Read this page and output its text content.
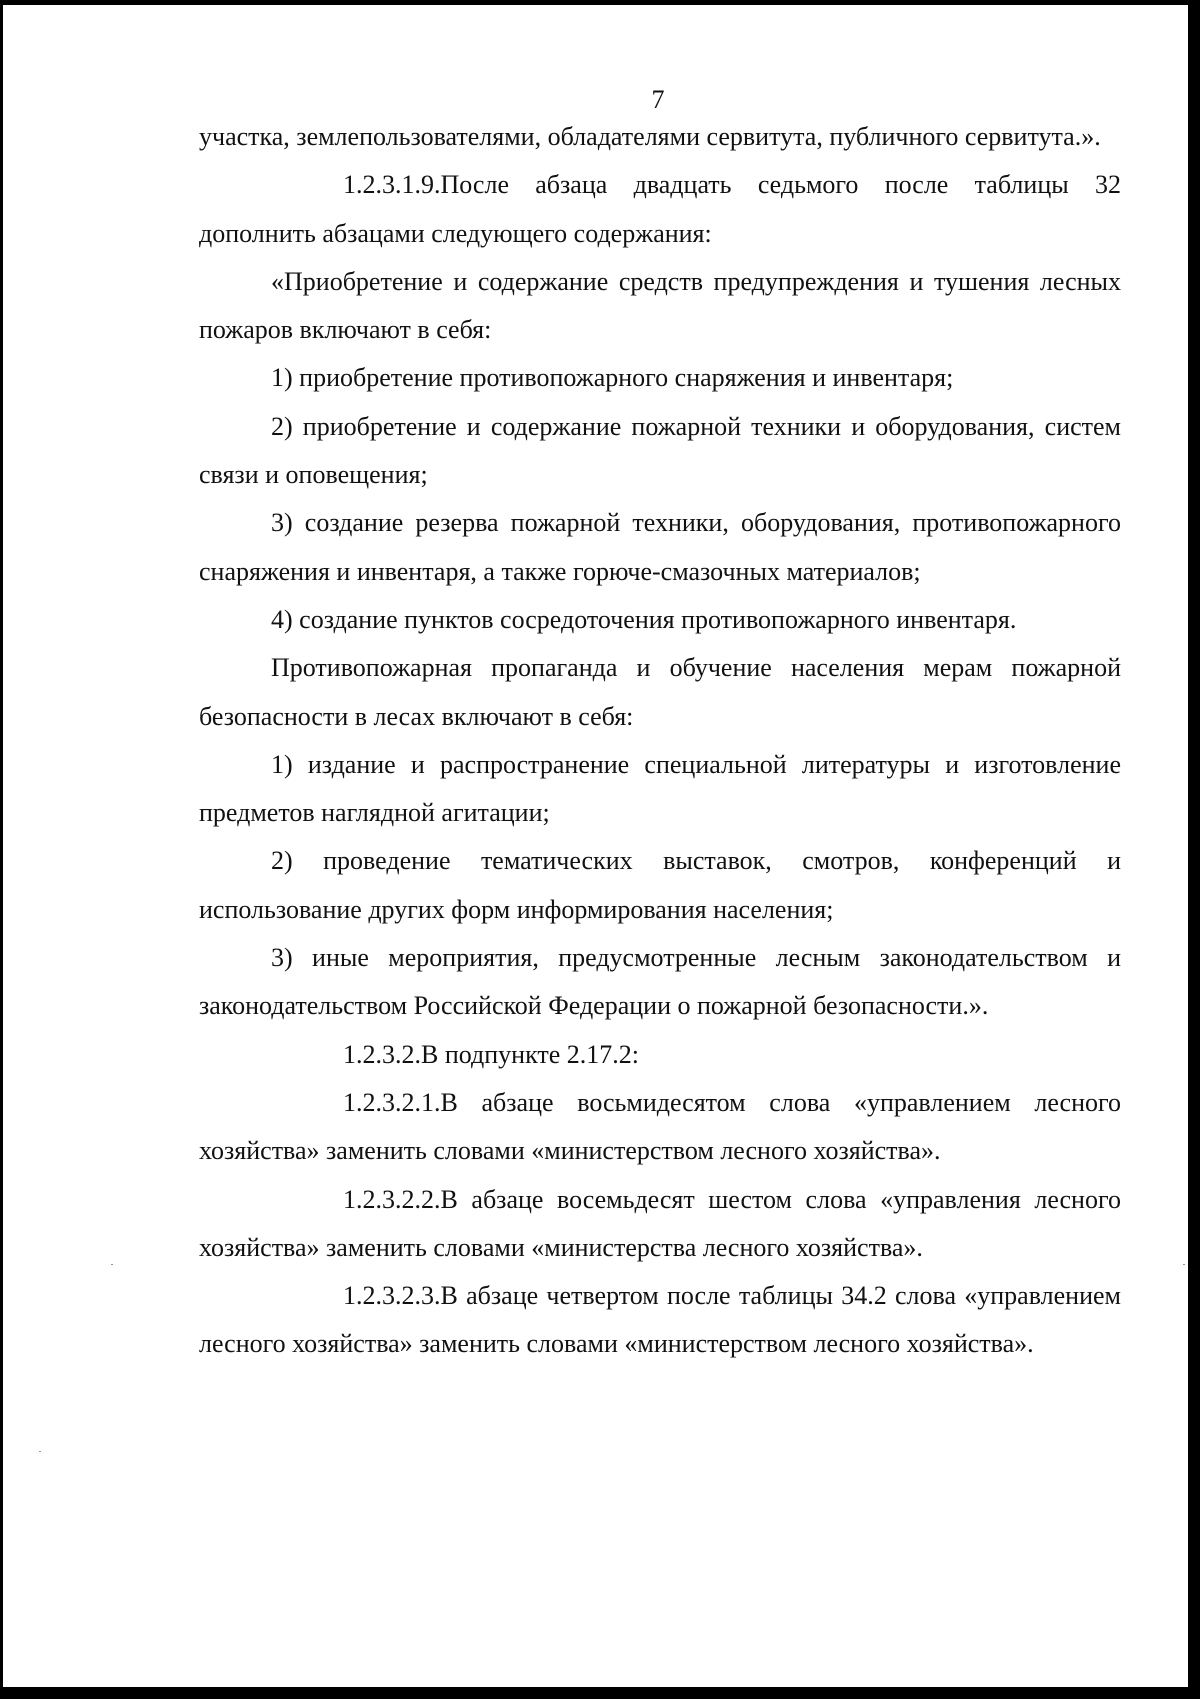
7

участка, землепользователями, обладателями сервитута, публичного сервитута.».

1.2.3.1.9.После абзаца двадцать седьмого после таблицы 32 дополнить абзацами следующего содержания:

«Приобретение и содержание средств предупреждения и тушения лесных пожаров включают в себя:

1) приобретение противопожарного снаряжения и инвентаря;

2) приобретение и содержание пожарной техники и оборудования, систем связи и оповещения;

3) создание резерва пожарной техники, оборудования, противопожарного снаряжения и инвентаря, а также горюче-смазочных материалов;

4) создание пунктов сосредоточения противопожарного инвентаря.

Противопожарная пропаганда и обучение населения мерам пожарной безопасности в лесах включают в себя:

1) издание и распространение специальной литературы и изготовление предметов наглядной агитации;

2) проведение тематических выставок, смотров, конференций и использование других форм информирования населения;

3) иные мероприятия, предусмотренные лесным законодательством и законодательством Российской Федерации о пожарной безопасности.».

1.2.3.2.В подпункте 2.17.2:

1.2.3.2.1.В абзаце восьмидесятом слова «управлением лесного хозяйства» заменить словами «министерством лесного хозяйства».

1.2.3.2.2.В абзаце восемьдесят шестом слова «управления лесного хозяйства» заменить словами «министерства лесного хозяйства».

1.2.3.2.3.В абзаце четвертом после таблицы 34.2 слова «управлением лесного хозяйства» заменить словами «министерством лесного хозяйства».
